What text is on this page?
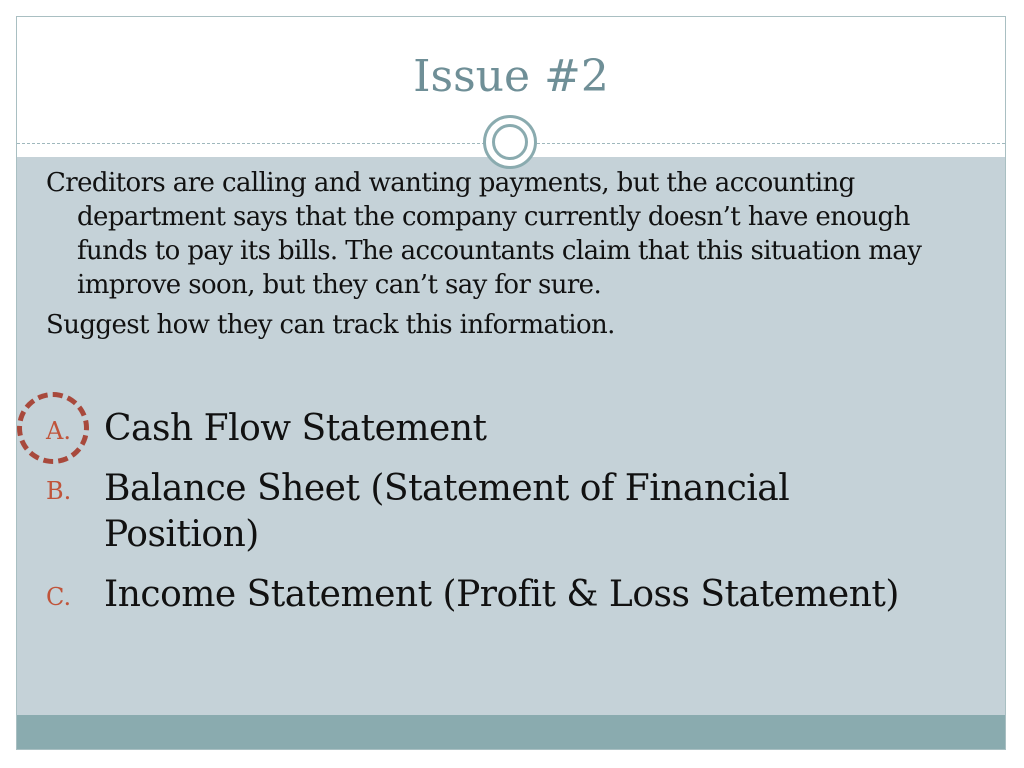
Issue #2

Creditors are calling and wanting payments, but the accounting department says that the company currently doesn’t have enough funds to pay its bills. The accountants claim that this situation may improve soon, but they can’t say for sure.

Suggest how they can track this information.

A. Cash Flow Statement
B. Balance Sheet (Statement of Financial Position)
C. Income Statement (Profit & Loss Statement)
